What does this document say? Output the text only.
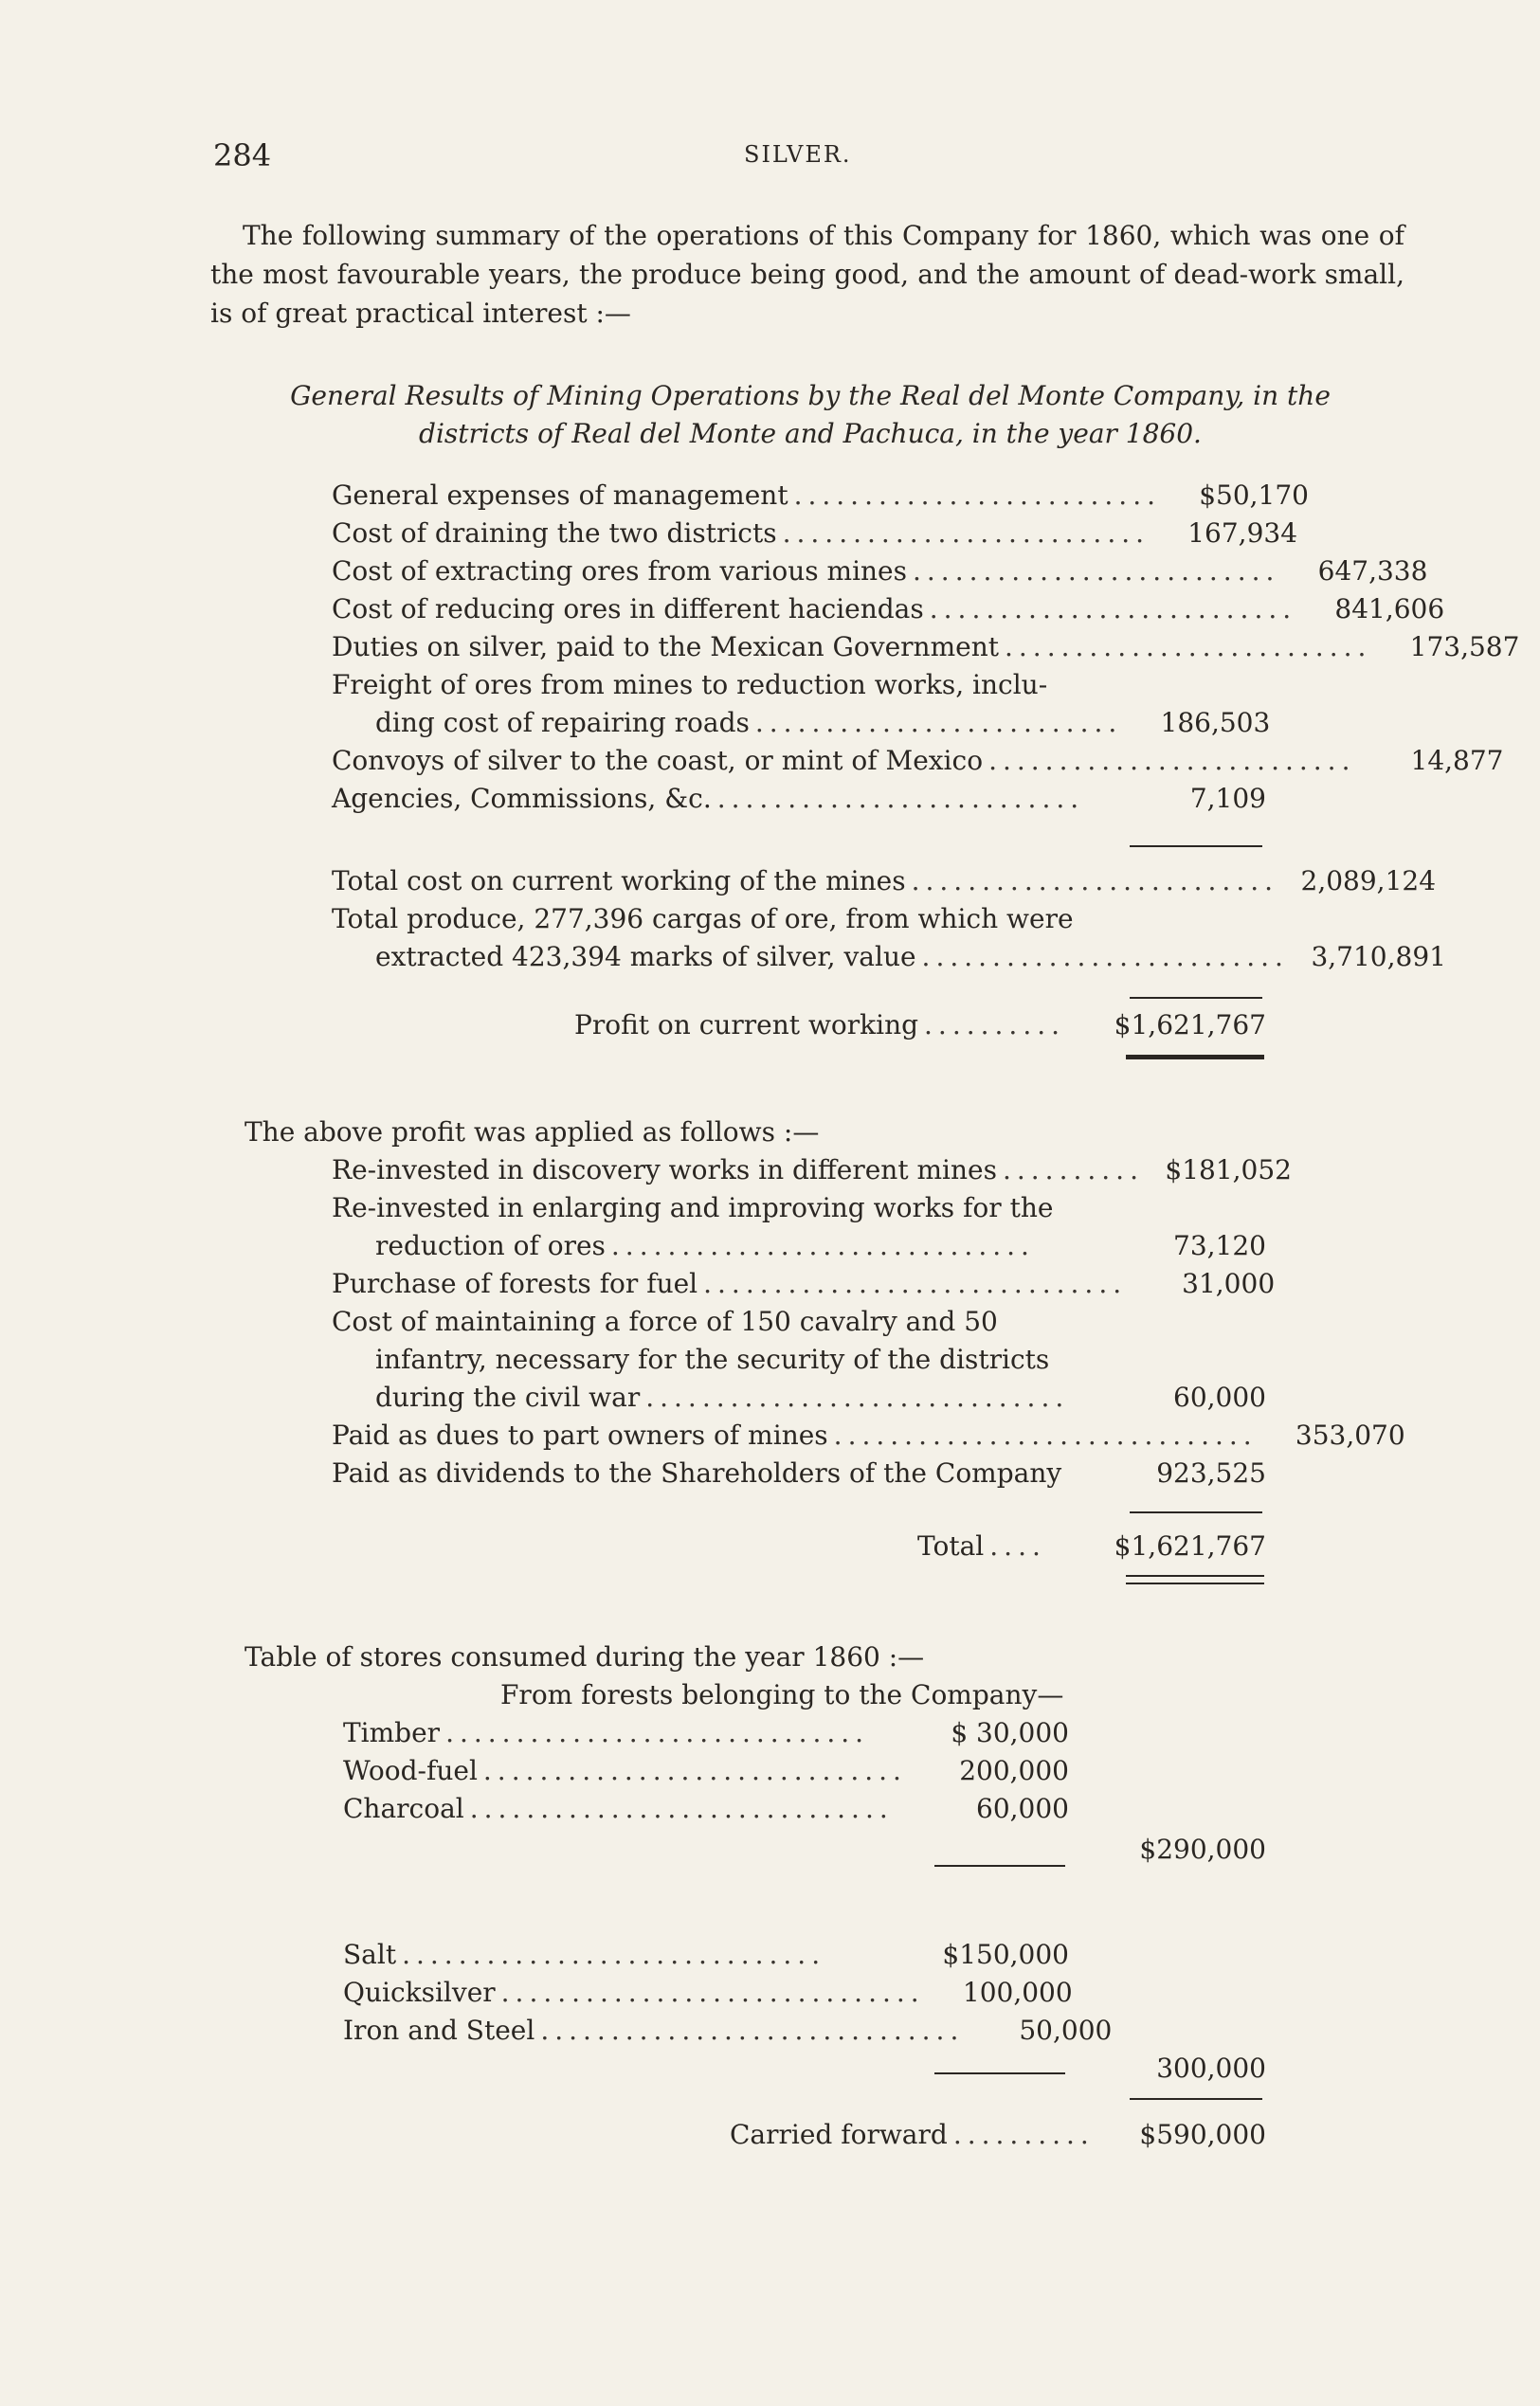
284	SILVER.

The following summary of the operations of this Company for 1860, which was one of the most favourable years, the produce being good, and the amount of dead-work small, is of great practical interest :—

General Results of Mining Operations by the Real del Monte Company, in the
districts of Real del Monte and Pachuca, in the year 1860.
General expenses of management ..........................	$50,170
Cost of draining the two districts ..........................	167,934
Cost of extracting ores from various mines ..........................	647,338
Cost of reducing ores in different haciendas ..........................	841,606
Duties on silver, paid to the Mexican Government ..........................	173,587
Freight of ores from mines to reduction works, inclu-
ding cost of repairing roads ..........................	186,503
Convoys of silver to the coast, or mint of Mexico ..........................	14,877
Agencies, Commissions, &c. ..........................	7,109
Total cost on current working of the mines .......................... 2,089,124
Total produce, 277,396 cargas of ore, from which were
extracted 423,394 marks of silver, value .......................... 3,710,891
Profit on current working ..........	$1,621,767
The above profit was applied as follows :—
Re-invested in discovery works in different mines .......... $181,052
Re-invested in enlarging and improving works for the
reduction of ores ..............................	73,120
Purchase of forests for fuel ..............................	31,000
Cost of maintaining a force of 150 cavalry and 50
infantry, necessary for the security of the districts
during the civil war ..............................	60,000
Paid as dues to part owners of mines ..............................	353,070
Paid as dividends to the Shareholders of the Company	923,525
Total ....	$1,621,767
Table of stores consumed during the year 1860 :—
From forests belonging to the Company—
Timber ..............................	$ 30,000
Wood-fuel ..............................	200,000
Charcoal ..............................	60,000
$290,000
Salt ..............................	$150,000
Quicksilver ..............................	100,000
Iron and Steel ..............................	50,000
300,000
Carried forward ..........	$590,000
